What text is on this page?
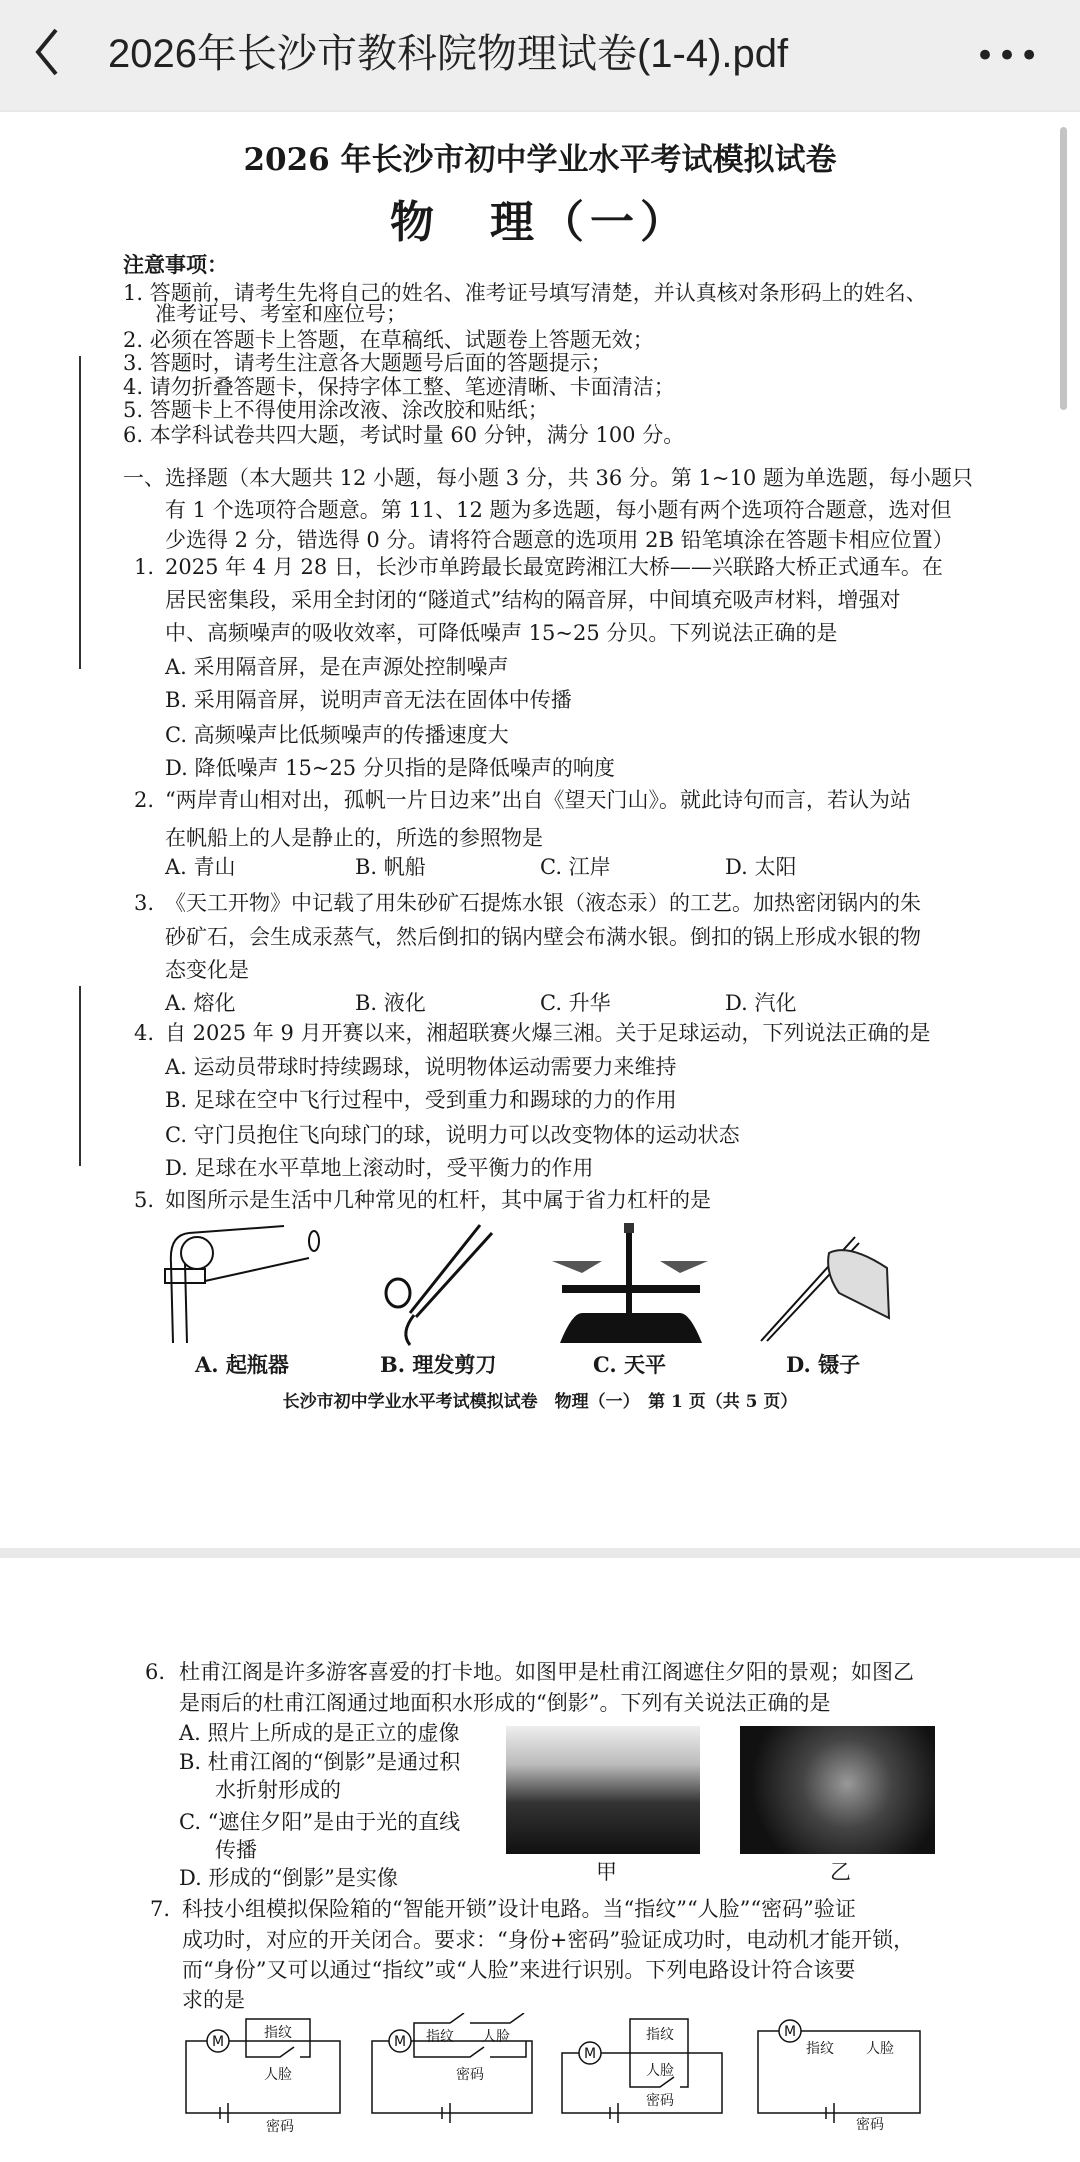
2026年长沙市教科院物理试卷(1-4).pdf	•••
2026 年长沙市初中学业水平考试模拟试卷
物　理（一）
注意事项：
1. 答题前，请考生先将自己的姓名、准考证号填写清楚，并认真核对条形码上的姓名、
准考证号、考室和座位号；
2. 必须在答题卡上答题，在草稿纸、试题卷上答题无效；
3. 答题时，请考生注意各大题题号后面的答题提示；
4. 请勿折叠答题卡，保持字体工整、笔迹清晰、卡面清洁；
5. 答题卡上不得使用涂改液、涂改胶和贴纸；
6. 本学科试卷共四大题，考试时量 60 分钟，满分 100 分。
一、 选择题（本大题共 12 小题，每小题 3 分，共 36 分。第 1~10 题为单选题，每小题只
有 1 个选项符合题意。第 11、12 题为多选题，每小题有两个选项符合题意，选对但
少选得 2 分，错选得 0 分。请将符合题意的选项用 2B 铅笔填涂在答题卡相应位置）
1. 2025 年 4 月 28 日，长沙市单跨最长最宽跨湘江大桥——兴联路大桥正式通车。在
居民密集段，采用全封闭的“隧道式”结构的隔音屏，中间填充吸声材料，增强对
中、高频噪声的吸收效率，可降低噪声 15~25 分贝。下列说法正确的是
A. 采用隔音屏，是在声源处控制噪声
B. 采用隔音屏，说明声音无法在固体中传播
C. 高频噪声比低频噪声的传播速度大
D. 降低噪声 15~25 分贝指的是降低噪声的响度
2. “两岸青山相对出，孤帆一片日边来”出自《望天门山》。就此诗句而言，若认为站
在帆船上的人是静止的，所选的参照物是
A. 青山	B. 帆船	C. 江岸	D. 太阳
3. 《天工开物》中记载了用朱砂矿石提炼水银（液态汞）的工艺。加热密闭锅内的朱
砂矿石，会生成汞蒸气，然后倒扣的锅内壁会布满水银。倒扣的锅上形成水银的物
态变化是
A. 熔化	B. 液化	C. 升华	D. 汽化
4. 自 2025 年 9 月开赛以来，湘超联赛火爆三湘。关于足球运动，下列说法正确的是
A. 运动员带球时持续踢球，说明物体运动需要力来维持
B. 足球在空中飞行过程中，受到重力和踢球的力的作用
C. 守门员抱住飞向球门的球，说明力可以改变物体的运动状态
D. 足球在水平草地上滚动时，受平衡力的作用
5. 如图所示是生活中几种常见的杠杆，其中属于省力杠杆的是
A. 起瓶器	B. 理发剪刀	C. 天平	D. 镊子
长沙市初中学业水平考试模拟试卷　物理（一）　第 1 页（共 5 页）
6. 杜甫江阁是许多游客喜爱的打卡地。如图甲是杜甫江阁遮住夕阳的景观；如图乙
是雨后的杜甫江阁通过地面积水形成的“倒影”。下列有关说法正确的是
A. 照片上所成的是正立的虚像
B. 杜甫江阁的“倒影”是通过积
水折射形成的
C. “遮住夕阳”是由于光的直线
传播
D. 形成的“倒影”是实像	甲	乙
7. 科技小组模拟保险箱的“智能开锁”设计电路。当“指纹”“人脸”“密码”验证
成功时，对应的开关闭合。要求：“身份+密码”验证成功时，电动机才能开锁，
而“身份”又可以通过“指纹”或“人脸”来进行识别。下列电路设计符合该要
求的是
M
指纹
人脸
密码
M 指纹 人脸
密码
M
指纹
人脸
密码
M
指纹 人脸
密码
